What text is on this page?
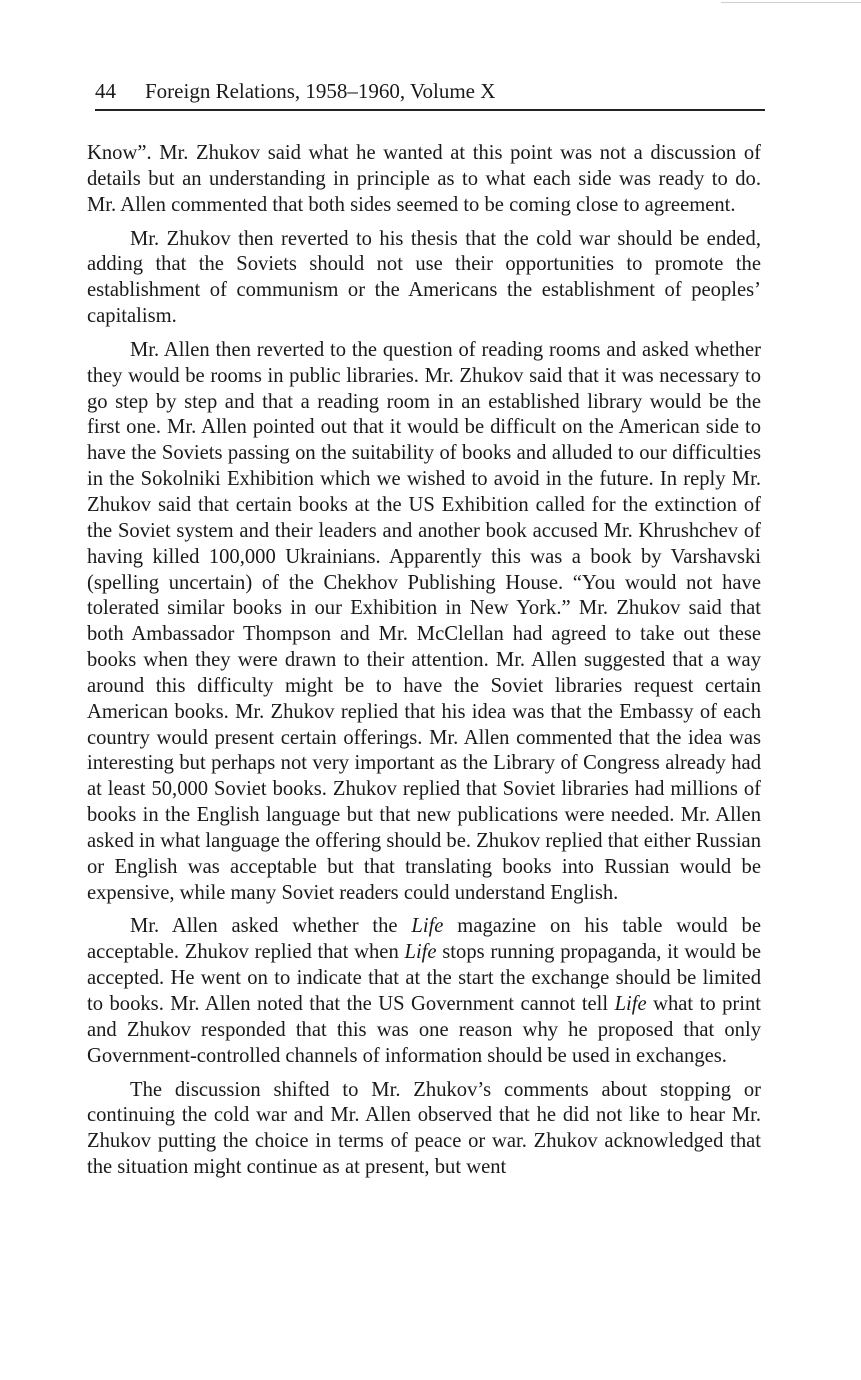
44 Foreign Relations, 1958–1960, Volume X

Know”. Mr. Zhukov said what he wanted at this point was not a discussion of details but an understanding in principle as to what each side was ready to do. Mr. Allen commented that both sides seemed to be coming close to agreement.

Mr. Zhukov then reverted to his thesis that the cold war should be ended, adding that the Soviets should not use their opportunities to promote the establishment of communism or the Americans the establishment of peoples’ capitalism.

Mr. Allen then reverted to the question of reading rooms and asked whether they would be rooms in public libraries. Mr. Zhukov said that it was necessary to go step by step and that a reading room in an established library would be the first one. Mr. Allen pointed out that it would be difficult on the American side to have the Soviets passing on the suitability of books and alluded to our difficulties in the Sokolniki Exhibition which we wished to avoid in the future. In reply Mr. Zhukov said that certain books at the US Exhibition called for the extinction of the Soviet system and their leaders and another book accused Mr. Khrushchev of having killed 100,000 Ukrainians. Apparently this was a book by Varshavski (spelling uncertain) of the Chekhov Publishing House. “You would not have tolerated similar books in our Exhibition in New York.” Mr. Zhukov said that both Ambassador Thompson and Mr. McClellan had agreed to take out these books when they were drawn to their attention. Mr. Allen suggested that a way around this difficulty might be to have the Soviet libraries request certain American books. Mr. Zhukov replied that his idea was that the Embassy of each country would present certain offerings. Mr. Allen commented that the idea was interesting but perhaps not very important as the Library of Congress already had at least 50,000 Soviet books. Zhukov replied that Soviet libraries had millions of books in the English language but that new publications were needed. Mr. Allen asked in what language the offering should be. Zhukov replied that either Russian or English was acceptable but that translating books into Russian would be expensive, while many Soviet readers could understand English.

Mr. Allen asked whether the Life magazine on his table would be acceptable. Zhukov replied that when Life stops running propaganda, it would be accepted. He went on to indicate that at the start the exchange should be limited to books. Mr. Allen noted that the US Government cannot tell Life what to print and Zhukov responded that this was one reason why he proposed that only Government-controlled channels of information should be used in exchanges.

The discussion shifted to Mr. Zhukov’s comments about stopping or continuing the cold war and Mr. Allen observed that he did not like to hear Mr. Zhukov putting the choice in terms of peace or war. Zhukov acknowledged that the situation might continue as at present, but went
